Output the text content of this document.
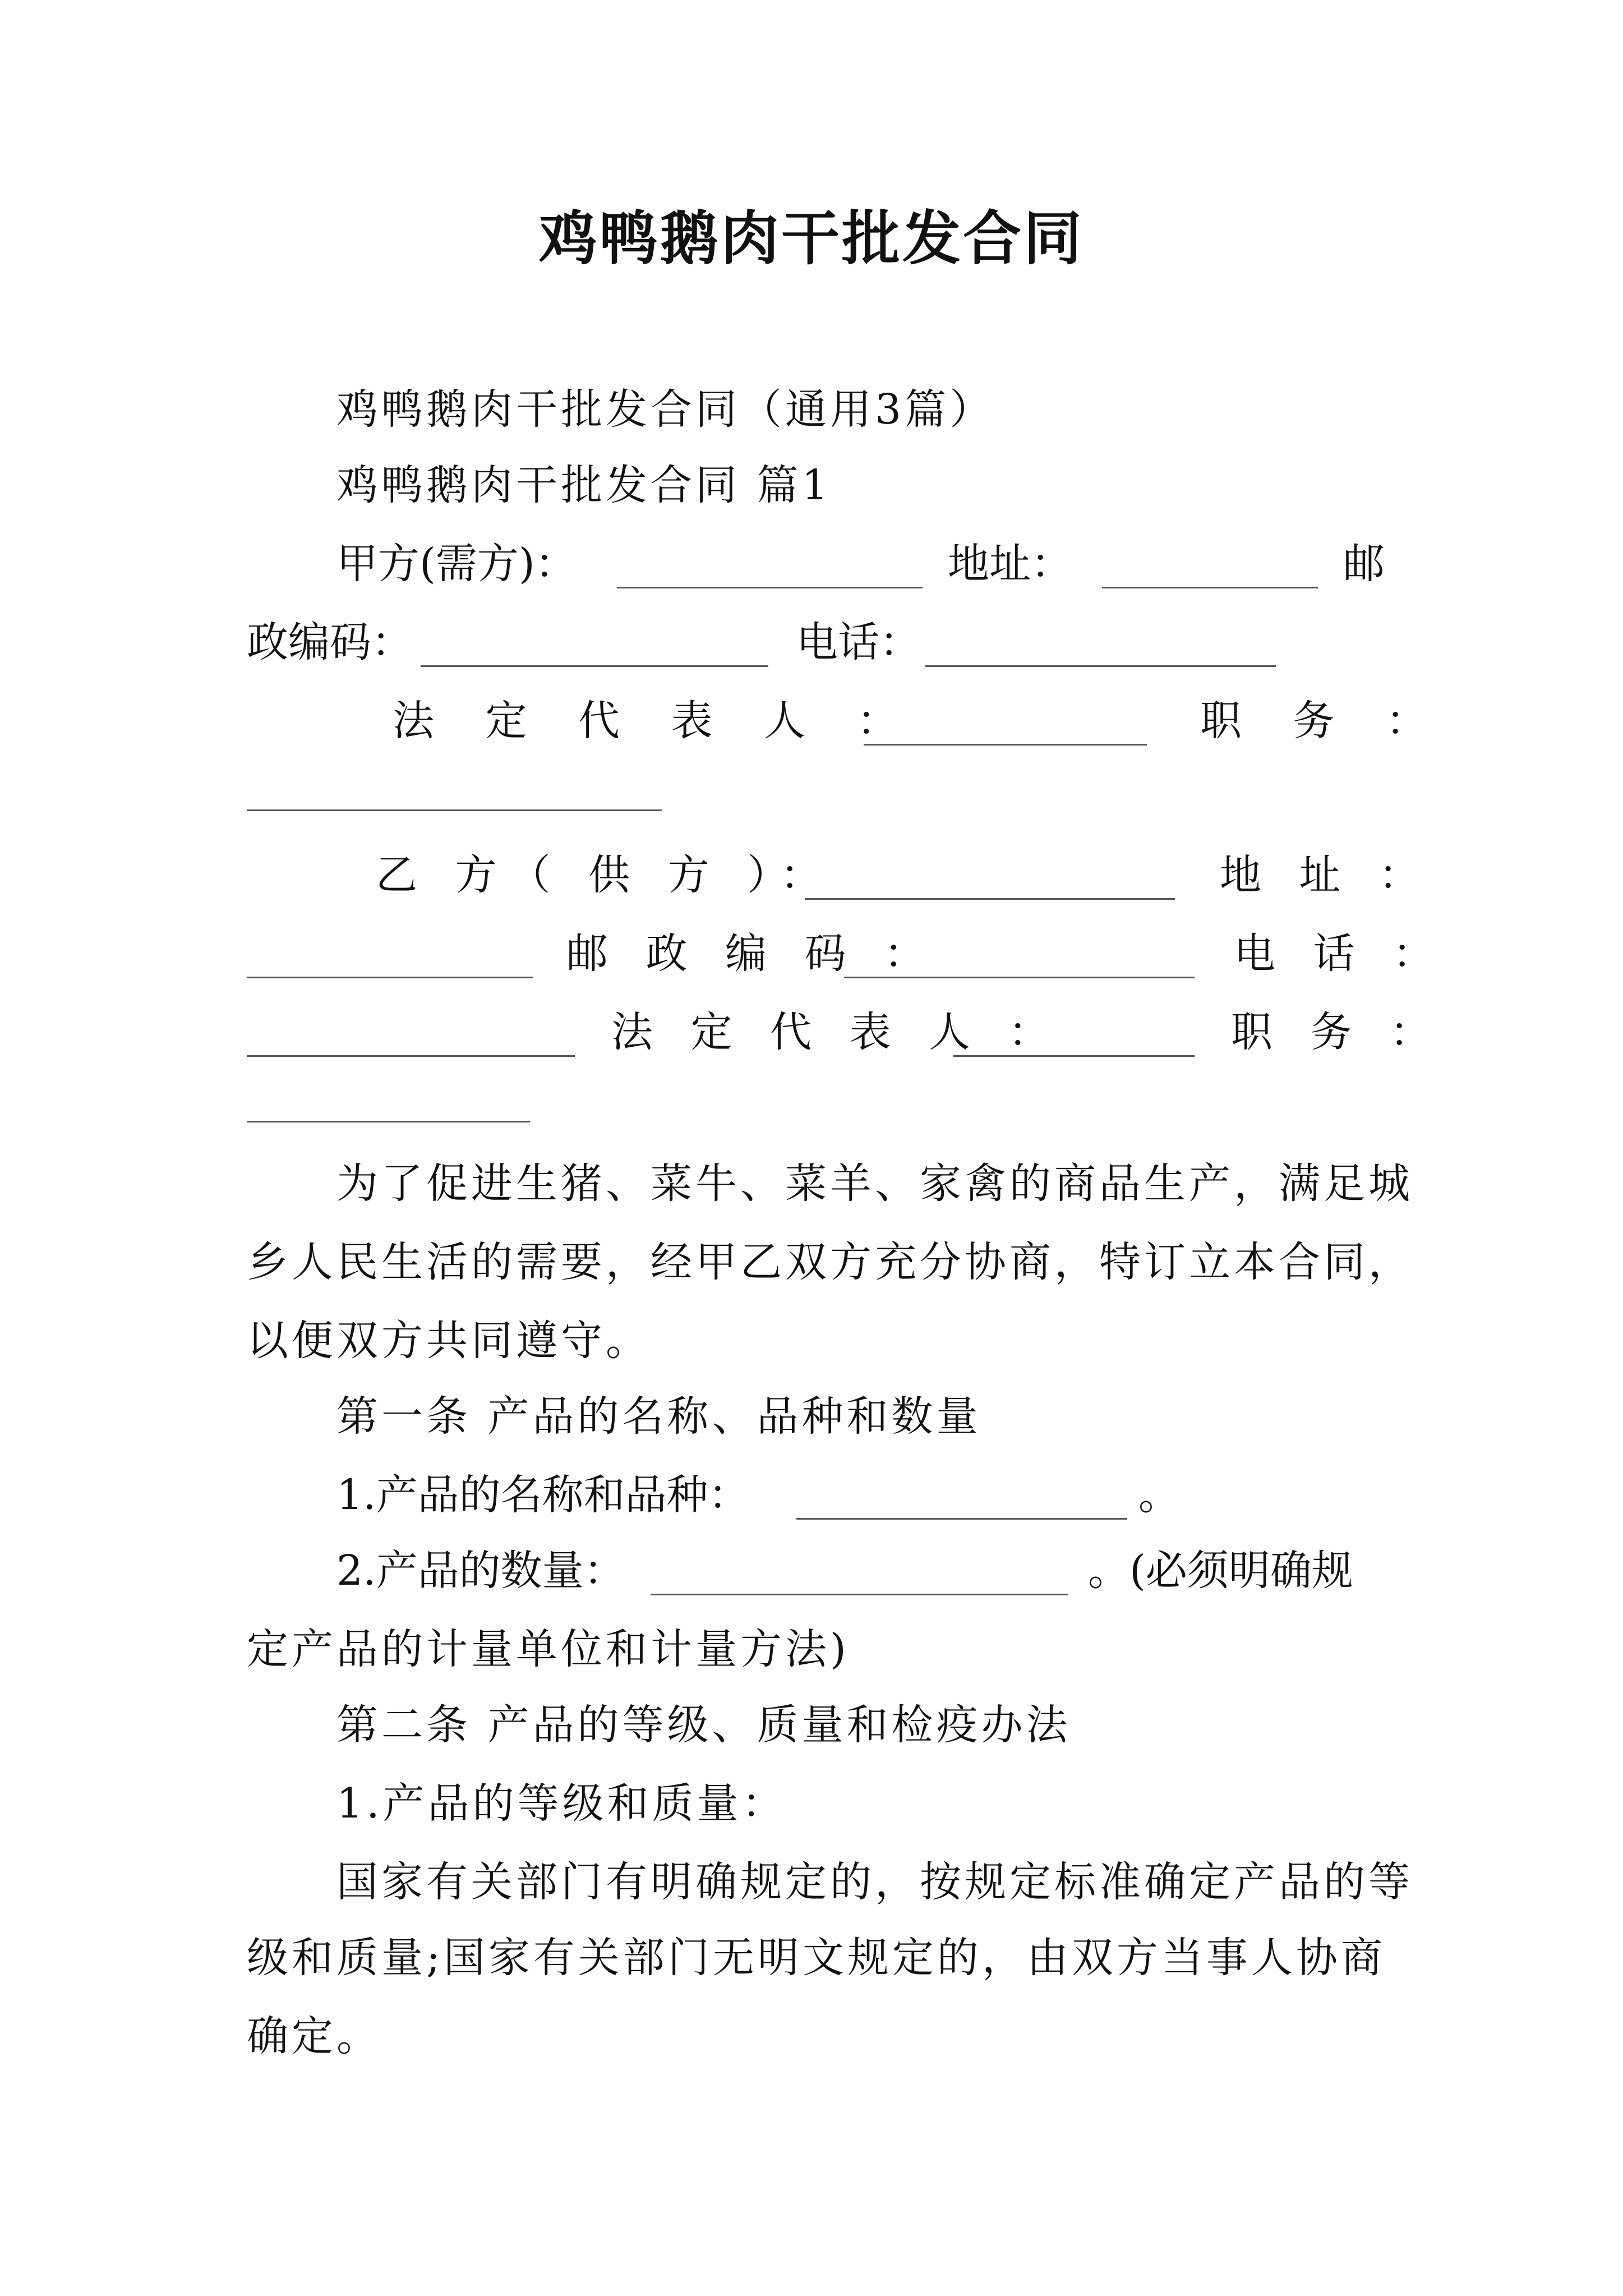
鸡鸭鹅肉干批发合同
鸡鸭鹅肉干批发合同（通用3篇）
鸡鸭鹅肉干批发合同 篇1
甲方(需方)：	地址：	邮
政编码：	电话：
法 定 代 表 人 ：	职 务 ：
乙 方（ 供 方 ）：	地 址 ：
邮 政 编 码 ：	电 话 ：
法 定 代 表 人 ：	职 务 ：
为了促进生猪、菜牛、菜羊、家禽的商品生产，满足城
乡人民生活的需要，经甲乙双方充分协商，特订立本合同，
以便双方共同遵守。
第一条 产品的名称、品种和数量
1.产品的名称和品种：	。
2.产品的数量：	。(必须明确规
定产品的计量单位和计量方法)
第二条 产品的等级、质量和检疫办法
1.产品的等级和质量：
国家有关部门有明确规定的，按规定标准确定产品的等
级和质量;国家有关部门无明文规定的，由双方当事人协商
确定。
